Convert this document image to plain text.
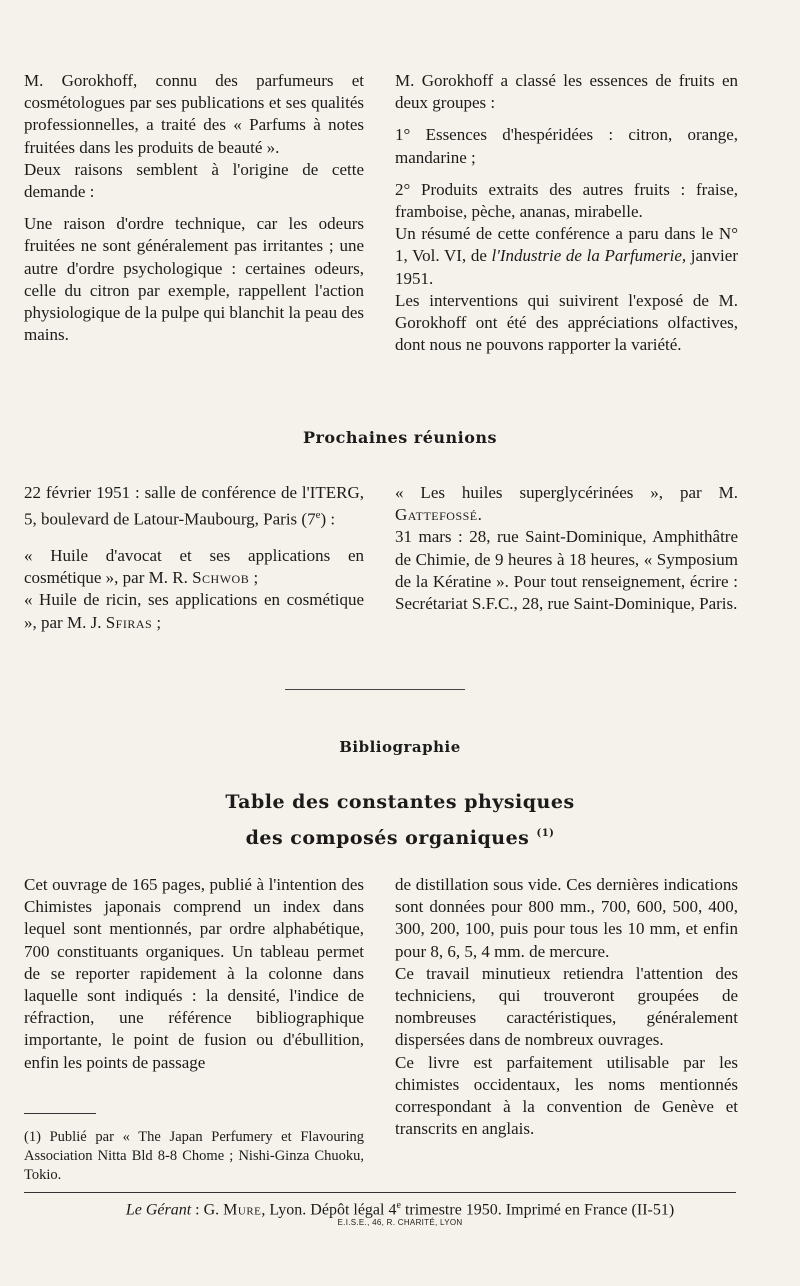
M. Gorokhoff, connu des parfumeurs et cosmétologues par ses publications et ses qualités professionnelles, a traité des « Parfums à notes fruitées dans les produits de beauté ».

Deux raisons semblent à l'origine de cette demande :

Une raison d'ordre technique, car les odeurs fruitées ne sont généralement pas irritantes ; une autre d'ordre psychologique : certaines odeurs, celle du citron par exemple, rappellent l'action physiologique de la pulpe qui blanchit la peau des mains.

M. Gorokhoff a classé les essences de fruits en deux groupes :

1° Essences d'hespéridées : citron, orange, mandarine ;

2° Produits extraits des autres fruits : fraise, framboise, pèche, ananas, mirabelle.

Un résumé de cette conférence a paru dans le N° 1, Vol. VI, de l'Industrie de la Parfumerie, janvier 1951.

Les interventions qui suivirent l'exposé de M. Gorokhoff ont été des appréciations olfactives, dont nous ne pouvons rapporter la variété.

Prochaines réunions

22 février 1951 : salle de conférence de l'ITERG, 5, boulevard de Latour-Maubourg, Paris (7e) :

« Huile d'avocat et ses applications en cosmétique », par M. R. Schwob ;

« Huile de ricin, ses applications en cosmétique », par M. J. Sfiras ;

« Les huiles superglycérinées », par M. Gattefossé.

31 mars : 28, rue Saint-Dominique, Amphithâtre de Chimie, de 9 heures à 18 heures, « Symposium de la Kératine ». Pour tout renseignement, écrire : Secrétariat S.F.C., 28, rue Saint-Dominique, Paris.

Bibliographie
Table des constantes physiques
des composés organiques $^{(1)}$

Cet ouvrage de 165 pages, publié à l'intention des Chimistes japonais comprend un index dans lequel sont mentionnés, par ordre alphabétique, 700 constituants organiques. Un tableau permet de se reporter rapidement à la colonne dans laquelle sont indiqués : la densité, l'indice de réfraction, une référence bibliographique importante, le point de fusion ou d'ébullition, enfin les points de passage

de distillation sous vide. Ces dernières indications sont données pour 800 mm., 700, 600, 500, 400, 300, 200, 100, puis pour tous les 10 mm, et enfin pour 8, 6, 5, 4 mm. de mercure.

Ce travail minutieux retiendra l'attention des techniciens, qui trouveront groupées de nombreuses caractéristiques, généralement dispersées dans de nombreux ouvrages.

Ce livre est parfaitement utilisable par les chimistes occidentaux, les noms mentionnés correspondant à la convention de Genève et transcrits en anglais.

(1) Publié par « The Japan Perfumery et Flavouring Association Nitta Bld 8-8 Chome ; Nishi-Ginza Chuoku, Tokio.
Le Gérant : G. Mure, Lyon. Dépôt légal 4e trimestre 1950. Imprimé en France (II-51)
E.I.S.E., 46, R. CHARITÉ, LYON
